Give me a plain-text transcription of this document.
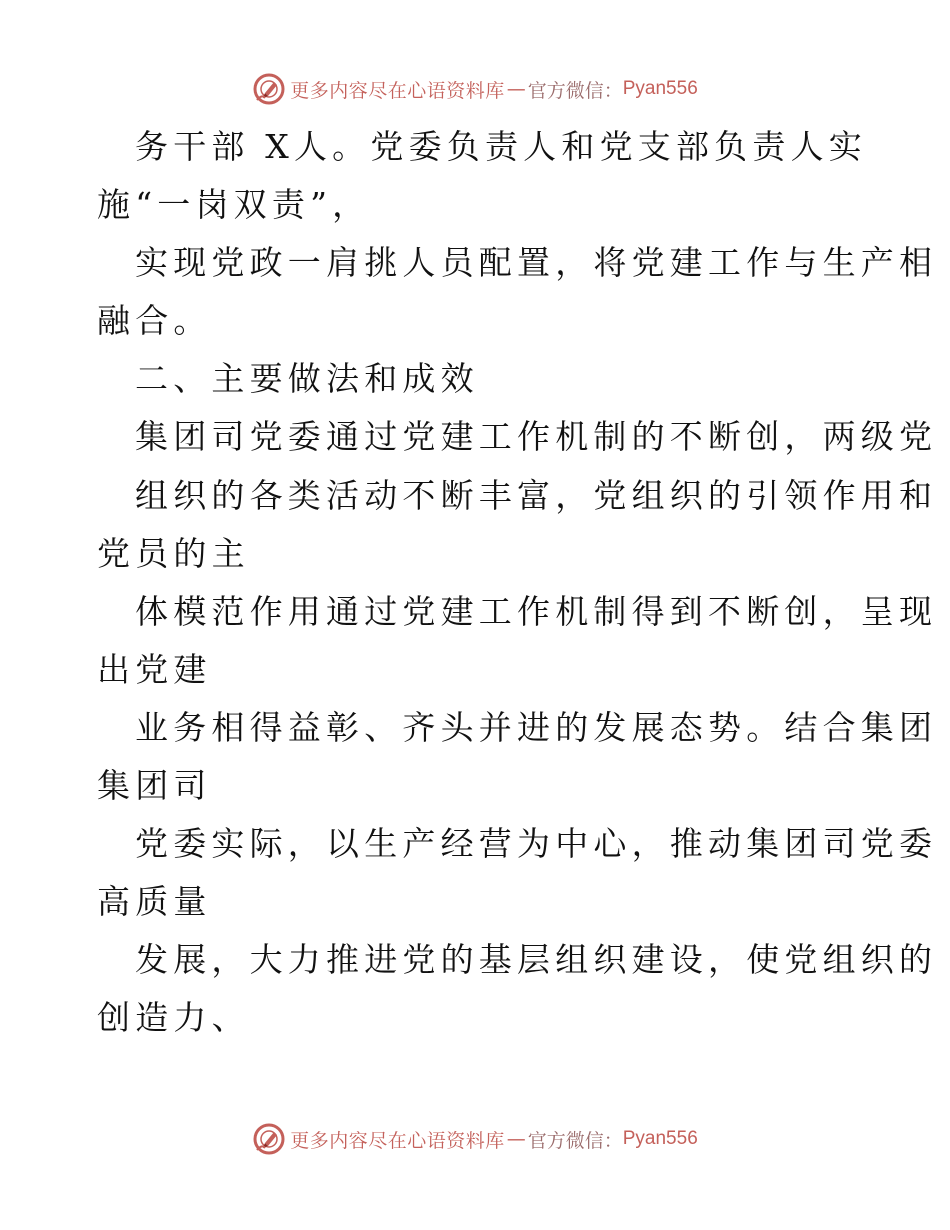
更多内容尽在心语资料库 — 官方微信： Pyan556
务干部 X人。党委负责人和党支部负责人实
施“一岗双责”，
实现党政一肩挑人员配置，将党建工作与生产相
融合。
二、主要做法和成效
集团司党委通过党建工作机制的不断创，两级党
组织的各类活动不断丰富，党组织的引领作用和
党员的主
体模范作用通过党建工作机制得到不断创，呈现
出党建
业务相得益彰、齐头并进的发展态势。结合集团
集团司
党委实际，以生产经营为中心，推动集团司党委
高质量
发展，大力推进党的基层组织建设，使党组织的
创造力、
更多内容尽在心语资料库 — 官方微信： Pyan556
